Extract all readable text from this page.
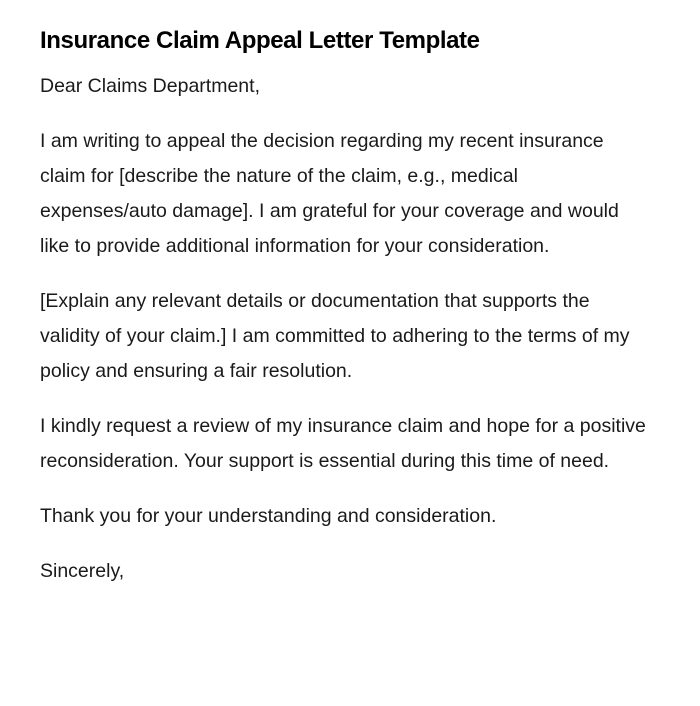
Insurance Claim Appeal Letter Template

Dear Claims Department,

I am writing to appeal the decision regarding my recent insurance claim for [describe the nature of the claim, e.g., medical expenses/auto damage]. I am grateful for your coverage and would like to provide additional information for your consideration.

[Explain any relevant details or documentation that supports the validity of your claim.] I am committed to adhering to the terms of my policy and ensuring a fair resolution.

I kindly request a review of my insurance claim and hope for a positive reconsideration. Your support is essential during this time of need.

Thank you for your understanding and consideration.

Sincerely,
